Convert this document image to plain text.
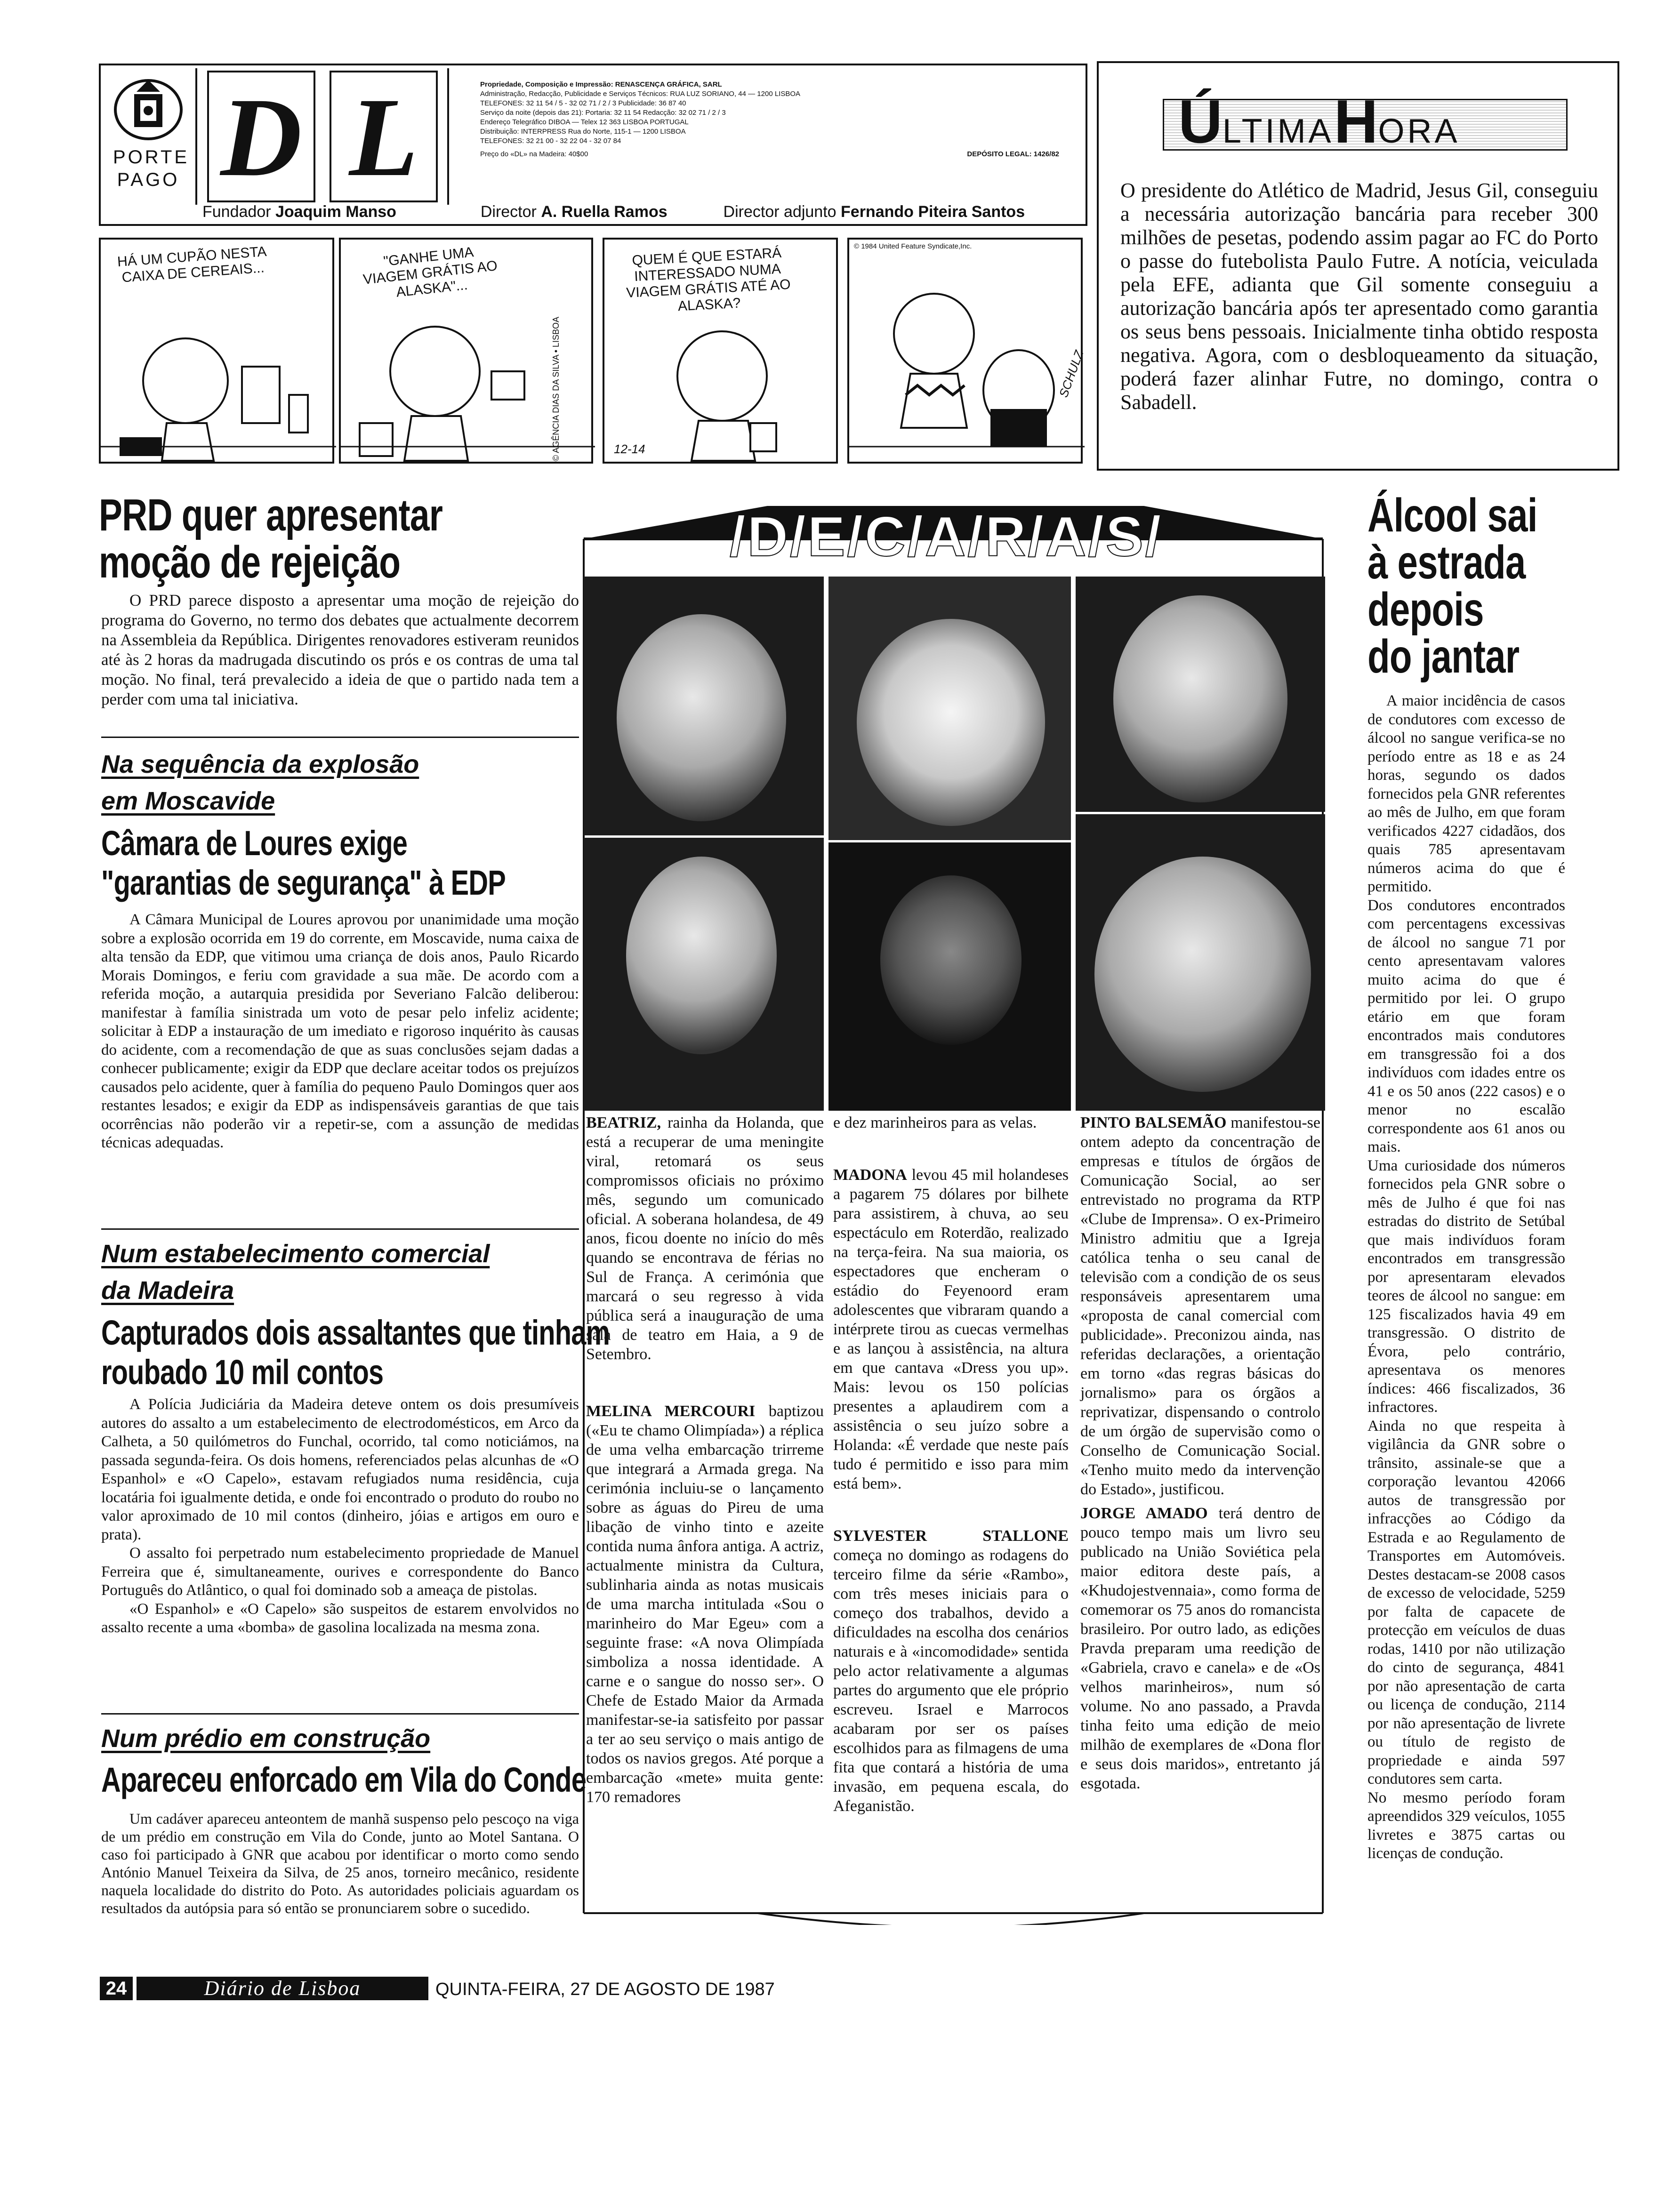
PORTE
PAGO D L	Propriedade, Composição e Impressão: RENASCENÇA GRÁFICA, SARL
Administração, Redacção, Publicidade e Serviços Técnicos: RUA LUZ SORIANO, 44 — 1200 LISBOA
TELEFONES: 32 11 54 / 5 - 32 02 71 / 2 / 3 Publicidade: 36 87 40
Serviço da noite (depois das 21): Portaria: 32 11 54 Redacção: 32 02 71 / 2 / 3
Endereço Telegráfico DIBOA — Telex 12 363 LISBOA PORTUGAL
Distribuição: INTERPRESS Rua do Norte, 115-1 — 1200 LISBOA
TELEFONES: 32 21 00 - 32 22 04 - 32 07 84
Preço do «DL» na Madeira: 40$00	DEPÓSITO LEGAL: 1426/82
Fundador Joaquim Manso	Director A. Ruella Ramos	Director adjunto Fernando Piteira Santos
ÚLTIMAHORA
O presidente do Atlético de Madrid, Jesus Gil, conseguiu a necessária autorização bancária para receber 300 milhões de pesetas, podendo assim pagar ao FC do Porto o passe do futebolista Paulo Futre. A notícia, veiculada pela EFE, adianta que Gil somente conseguiu a autorização bancária após ter apresentado como garantia os seus bens pessoais. Inicialmente tinha obtido resposta negativa. Agora, com o desbloqueamento da situação, poderá fazer alinhar Futre, no domingo, contra o Sabadell.
HÁ UM CUPÃO NESTA CAIXA DE CEREAIS...
"GANHE UMA VIAGEM GRÁTIS AO ALASKA"...
© AGÊNCIA DIAS DA SILVA • LISBOA
QUEM É QUE ESTARÁ INTERESSADO NUMA VIAGEM GRÁTIS ATÉ AO ALASKA?
12-14
© 1984 United Feature Syndicate,Inc.
SCHULZ
PRD quer apresentar
moção de rejeição

O PRD parece disposto a apresentar uma moção de rejeição do programa do Governo, no termo dos debates que actualmente decorrem na Assembleia da República. Dirigentes renovadores estiveram reunidos até às 2 horas da madrugada discutindo os prós e os contras de uma tal moção. No final, terá prevalecido a ideia de que o partido nada tem a perder com uma tal iniciativa.

Na sequência da explosão
em Moscavide
Câmara de Loures exige
"garantias de segurança" à EDP

A Câmara Municipal de Loures aprovou por unanimidade uma moção sobre a explosão ocorrida em 19 do corrente, em Moscavide, numa caixa de alta tensão da EDP, que vitimou uma criança de dois anos, Paulo Ricardo Morais Domingos, e feriu com gravidade a sua mãe. De acordo com a referida moção, a autarquia presidida por Severiano Falcão deliberou: manifestar à família sinistrada um voto de pesar pelo infeliz acidente; solicitar à EDP a instauração de um imediato e rigoroso inquérito às causas do acidente, com a recomendação de que as suas conclusões sejam dadas a conhecer publicamente; exigir da EDP que declare aceitar todos os prejuízos causados pelo acidente, quer à família do pequeno Paulo Domingos quer aos restantes lesados; e exigir da EDP as indispensáveis garantias de que tais ocorrências não poderão vir a repetir-se, com a assunção de medidas técnicas adequadas.

Num estabelecimento comercial
da Madeira
Capturados dois assaltantes que tinham
roubado 10 mil contos

A Polícia Judiciária da Madeira deteve ontem os dois presumíveis autores do assalto a um estabelecimento de electrodomésticos, em Arco da Calheta, a 50 quilómetros do Funchal, ocorrido, tal como noticiámos, na passada segunda-feira. Os dois homens, referenciados pelas alcunhas de «O Espanhol» e «O Capelo», estavam refugiados numa residência, cuja locatária foi igualmente detida, e onde foi encontrado o produto do roubo no valor aproximado de 10 mil contos (dinheiro, jóias e artigos em ouro e prata).

O assalto foi perpetrado num estabelecimento propriedade de Manuel Ferreira que é, simultaneamente, ourives e correspondente do Banco Português do Atlântico, o qual foi dominado sob a ameaça de pistolas.

«O Espanhol» e «O Capelo» são suspeitos de estarem envolvidos no assalto recente a uma «bomba» de gasolina localizada na mesma zona.

Num prédio em construção
Apareceu enforcado em Vila do Conde

Um cadáver apareceu anteontem de manhã suspenso pelo pescoço na viga de um prédio em construção em Vila do Conde, junto ao Motel Santana. O caso foi participado à GNR que acabou por identificar o morto como sendo António Manuel Teixeira da Silva, de 25 anos, torneiro mecânico, residente naquela localidade do distrito do Poto. As autoridades policiais aguardam os resultados da autópsia para só então se pronunciarem sobre o sucedido.

/D/E/C/A/R/A/S/
BEATRIZ, rainha da Holanda, que está a recuperar de uma meningite viral, retomará os seus compromissos oficiais no próximo mês, segundo um comunicado oficial. A soberana holandesa, de 49 anos, ficou doente no início do mês quando se encontrava de férias no Sul de França. A cerimónia que marcará o seu regresso à vida pública será a inauguração de uma sala de teatro em Haia, a 9 de Setembro.
MELINA MERCOURI baptizou («Eu te chamo Olimpíada») a réplica de uma velha embarcação trirreme que integrará a Armada grega. Na cerimónia incluiu-se o lançamento sobre as águas do Pireu de uma libação de vinho tinto e azeite contida numa ânfora antiga. A actriz, actualmente ministra da Cultura, sublinharia ainda as notas musicais de uma marcha intitulada «Sou o marinheiro do Mar Egeu» com a seguinte frase: «A nova Olimpíada simboliza a nossa identidade. A carne e o sangue do nosso ser». O Chefe de Estado Maior da Armada manifestar-se-ia satisfeito por passar a ter ao seu serviço o mais antigo de todos os navios gregos. Até porque a embarcação «mete» muita gente: 170 remadores
e dez marinheiros para as velas.
MADONA levou 45 mil holandeses a pagarem 75 dólares por bilhete para assistirem, à chuva, ao seu espectáculo em Roterdão, realizado na terça-feira. Na sua maioria, os espectadores que encheram o estádio do Feyenoord eram adolescentes que vibraram quando a intérprete tirou as cuecas vermelhas e as lançou à assistência, na altura em que cantava «Dress you up». Mais: levou os 150 polícias presentes a aplaudirem com a assistência o seu juízo sobre a Holanda: «É verdade que neste país tudo é permitido e isso para mim está bem».
SYLVESTER STALLONE começa no domingo as rodagens do terceiro filme da série «Rambo», com três meses iniciais para o começo dos trabalhos, devido a dificuldades na escolha dos cenários naturais e à «incomodidade» sentida pelo actor relativamente a algumas partes do argumento que ele próprio escreveu. Israel e Marrocos acabaram por ser os países escolhidos para as filmagens de uma fita que contará a história de uma invasão, em pequena escala, do Afeganistão.
PINTO BALSEMÃO manifestou-se ontem adepto da concentração de empresas e títulos de órgãos de Comunicação Social, ao ser entrevistado no programa da RTP «Clube de Imprensa». O ex-Primeiro Ministro admitiu que a Igreja católica tenha o seu canal de televisão com a condição de os seus responsáveis apresentarem uma «proposta de canal comercial com publicidade». Preconizou ainda, nas referidas declarações, a orientação em torno «das regras básicas do jornalismo» para os órgãos a reprivatizar, dispensando o controlo de um órgão de supervisão como o Conselho de Comunicação Social. «Tenho muito medo da intervenção do Estado», justificou.
JORGE AMADO terá dentro de pouco tempo mais um livro seu publicado na União Soviética pela maior editora deste país, a «Khudojestvennaia», como forma de comemorar os 75 anos do romancista brasileiro. Por outro lado, as edições Pravda preparam uma reedição de «Gabriela, cravo e canela» e de «Os velhos marinheiros», num só volume. No ano passado, a Pravda tinha feito uma edição de meio milhão de exemplares de «Dona flor e seus dois maridos», entretanto já esgotada.
Álcool sai
à estrada
depois
do jantar
A maior incidência de casos de condutores com excesso de álcool no sangue verifica-se no período entre as 18 e as 24 horas, segundo os dados fornecidos pela GNR referentes ao mês de Julho, em que foram verificados 4227 cidadãos, dos quais 785 apresentavam números acima do que é permitido.
Dos condutores encontrados com percentagens excessivas de álcool no sangue 71 por cento apresentavam valores muito acima do que é permitido por lei. O grupo etário em que foram encontrados mais condutores em transgressão foi a dos indivíduos com idades entre os 41 e os 50 anos (222 casos) e o menor no escalão correspondente aos 61 anos ou mais.
Uma curiosidade dos números fornecidos pela GNR sobre o mês de Julho é que foi nas estradas do distrito de Setúbal que mais indivíduos foram encontrados em transgressão por apresentaram elevados teores de álcool no sangue: em 125 fiscalizados havia 49 em transgressão. O distrito de Évora, pelo contrário, apresentava os menores índices: 466 fiscalizados, 36 infractores.
Ainda no que respeita à vigilância da GNR sobre o trânsito, assinale-se que a corporação levantou 42066 autos de transgressão por infracções ao Código da Estrada e ao Regulamento de Transportes em Automóveis. Destes destacam-se 2008 casos de excesso de velocidade, 5259 por falta de capacete de protecção em veículos de duas rodas, 1410 por não utilização do cinto de segurança, 4841 por não apresentação de carta ou licença de condução, 2114 por não apresentação de livrete ou título de registo de propriedade e ainda 597 condutores sem carta.
No mesmo período foram apreendidos 329 veículos, 1055 livretes e 3875 cartas ou licenças de condução.
24	Diário de Lisboa	QUINTA-FEIRA, 27 DE AGOSTO DE 1987
